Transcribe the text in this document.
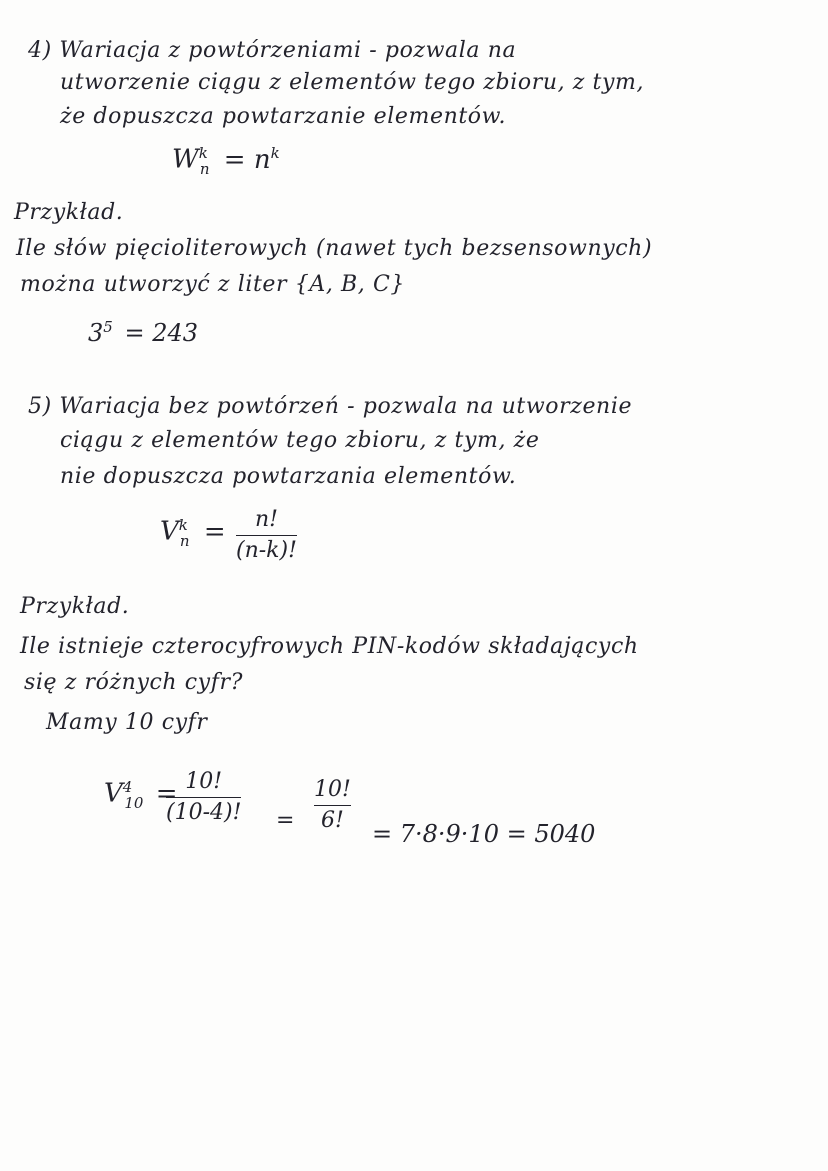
4) Wariacja z powtórzeniami - pozwala na
utworzenie ciągu z elementów tego zbioru, z tym,
że dopuszcza powtarzanie elementów.
$W^k_n = n^k$
Przykład.
Ile słów pięcioliterowych (nawet tych bezsensownych)
można utworzyć z liter {A, B, C}
$3^5 = 243$
5) Wariacja bez powtórzeń - pozwala na utworzenie
ciągu z elementów tego zbioru, z tym, że
nie dopuszcza powtarzania elementów.
$V^k_n = n$!
(n-k)!
Przykład.
Ile istnieje czterocyfrowych PIN-kodów składających
się z różnych cyfr?
Mamy 10 cyfr
$V^4_{10} = 10$!
(10-4)! =
10!
6! = 7·8·9·10 = 5040
